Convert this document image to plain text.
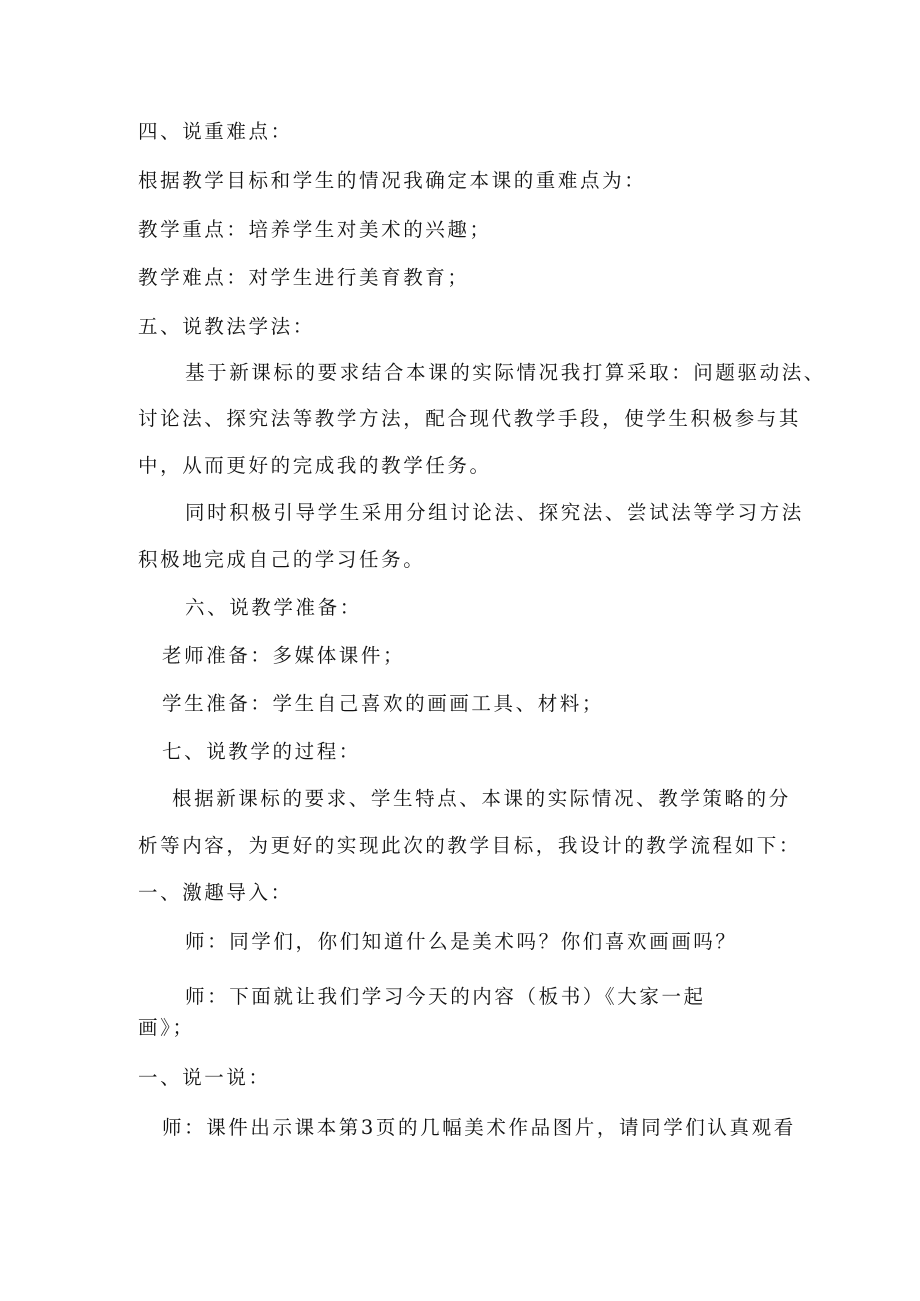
四、说重难点：
根据教学目标和学生的情况我确定本课的重难点为：
教学重点：培养学生对美术的兴趣；
教学难点：对学生进行美育教育；
五、说教法学法：
基于新课标的要求结合本课的实际情况我打算采取：问题驱动法、
讨论法、探究法等教学方法，配合现代教学手段，使学生积极参与其
中，从而更好的完成我的教学任务。
同时积极引导学生采用分组讨论法、探究法、尝试法等学习方法
积极地完成自己的学习任务。
六、说教学准备：
老师准备：多媒体课件；
学生准备：学生自己喜欢的画画工具、材料；
七、说教学的过程：
根据新课标的要求、学生特点、本课的实际情况、教学策略的分
析等内容，为更好的实现此次的教学目标，我设计的教学流程如下：
一、激趣导入：
师：同学们，你们知道什么是美术吗？你们喜欢画画吗？
师：下面就让我们学习今天的内容（板书）《大家一起
画》；
一、说一说：
师：课件出示课本第3页的几幅美术作品图片，请同学们认真观看
